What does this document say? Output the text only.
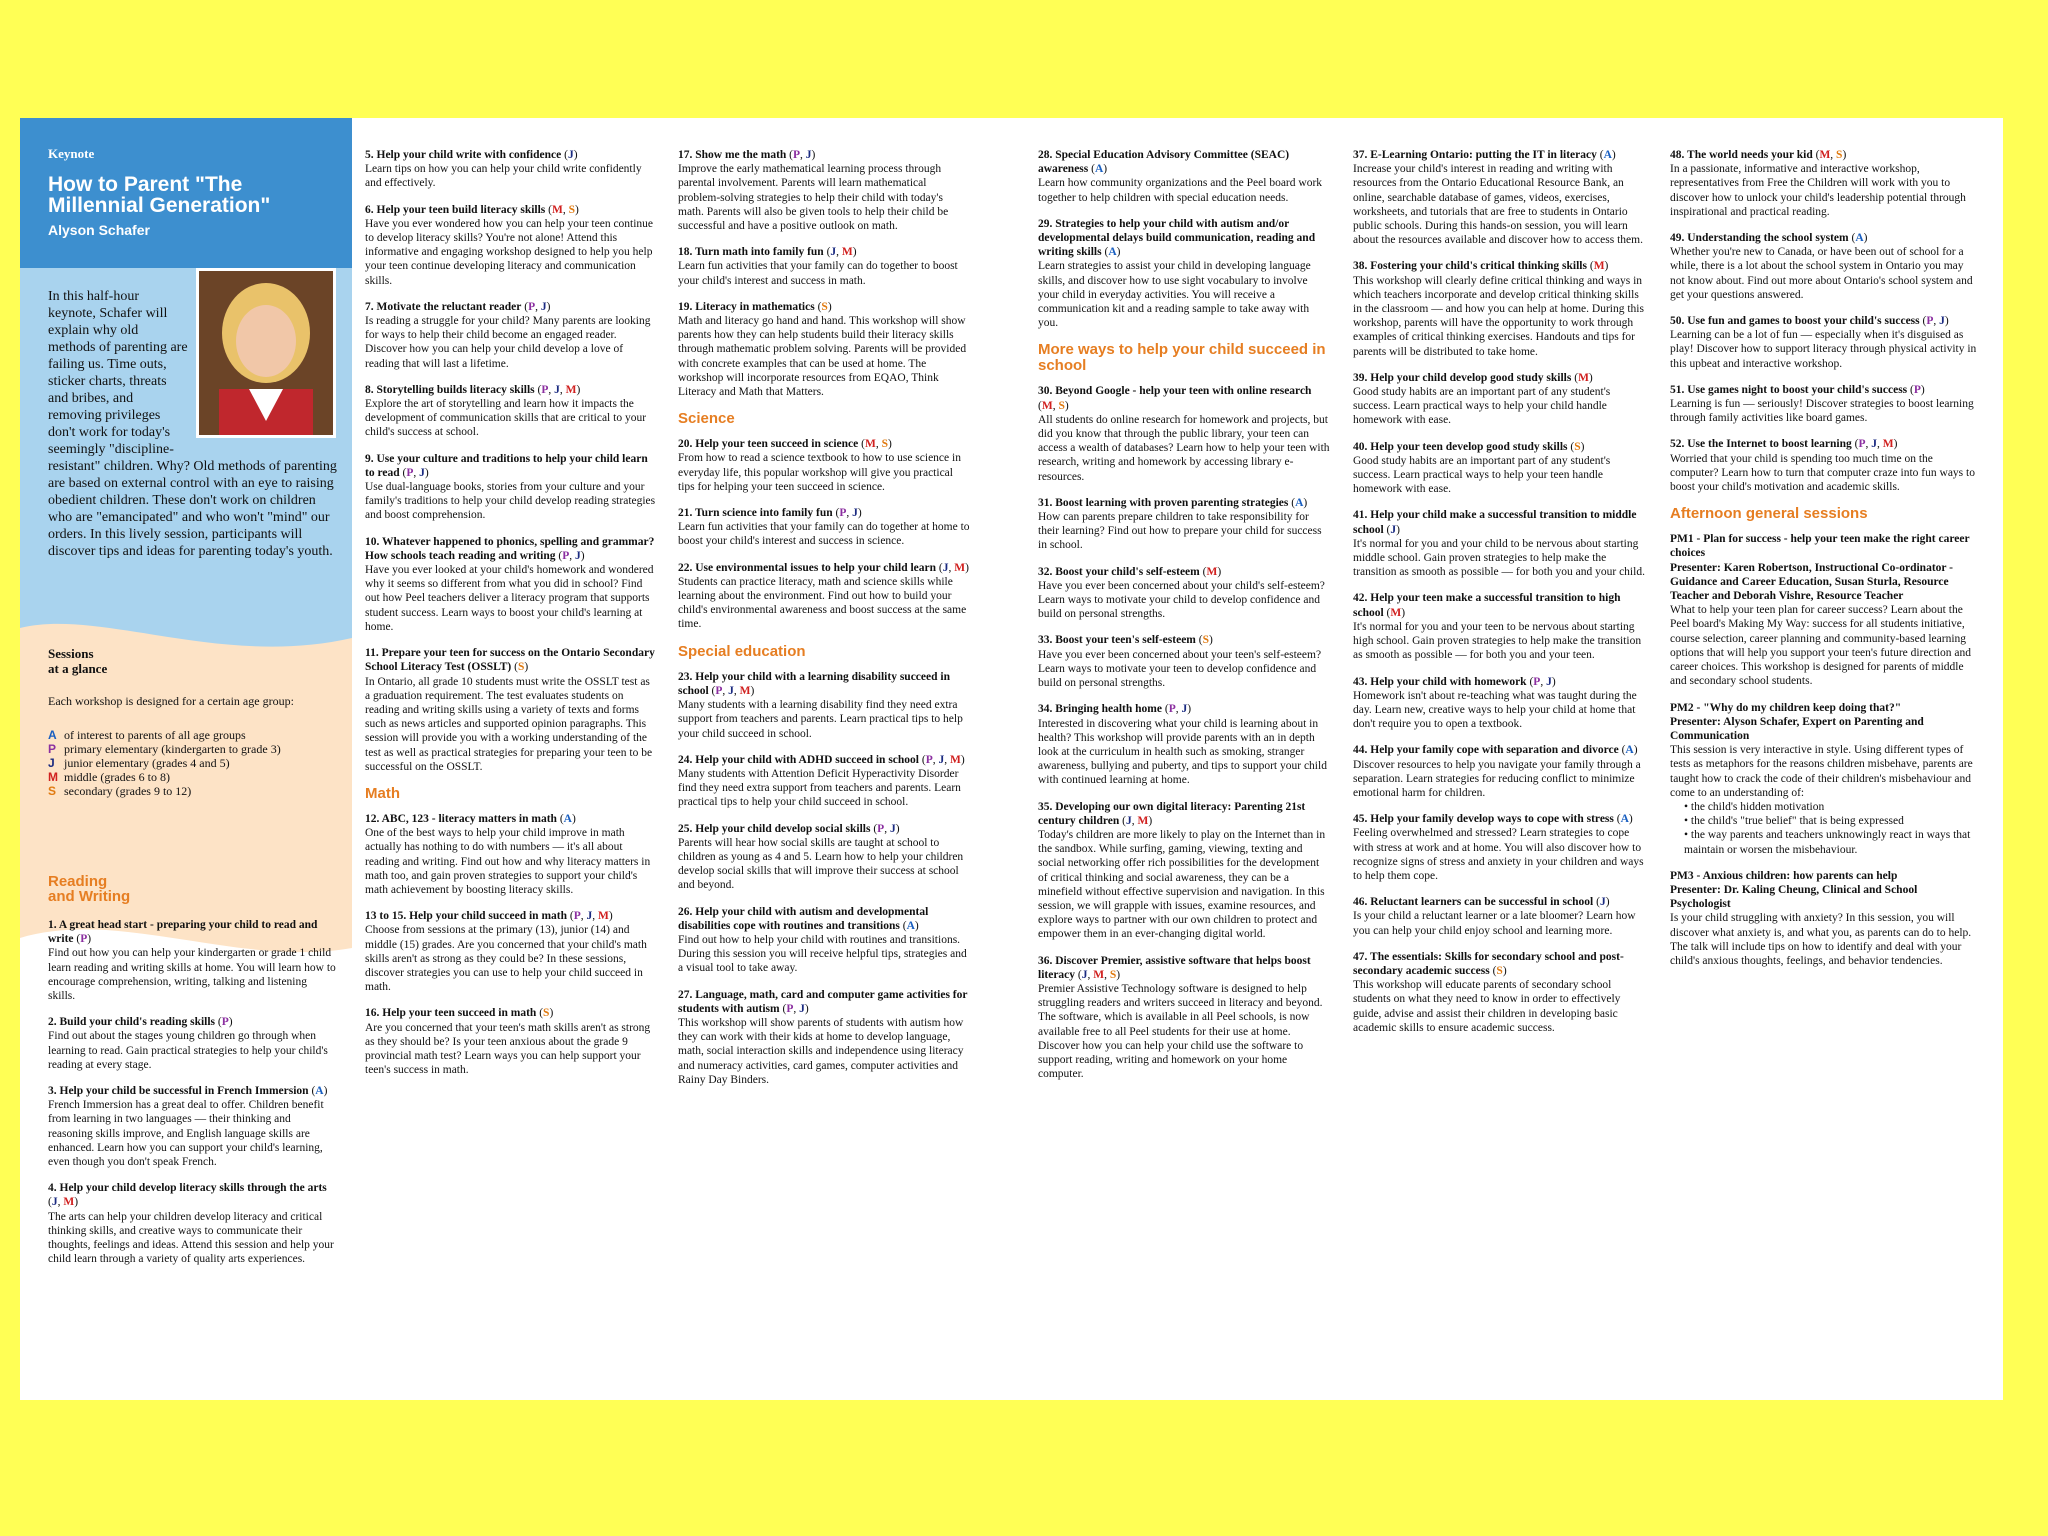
Keynote
How to Parent "The Millennial Generation"
Alyson Schafer
In this half-hour keynote, Schafer will explain why old methods of parenting are failing us. Time outs, sticker charts, threats and bribes, and removing privileges don't work for today's seemingly "discipline-resistant" children. Why? Old methods of parenting are based on external control with an eye to raising obedient children. These don't work on children who are "emancipated" and who won't "mind" our orders. In this lively session, participants will discover tips and ideas for parenting today's youth.
Sessions
at a glance
Each workshop is designed for a certain age group:
A of interest to parents of all age groups
P primary elementary (kindergarten to grade 3)
J junior elementary (grades 4 and 5)
M middle (grades 6 to 8)
S secondary (grades 9 to 12)
Reading
and Writing
1. A great head start - preparing your child to read and write (P)
Find out how you can help your kindergarten or grade 1 child learn reading and writing skills at home. You will learn how to encourage comprehension, writing, talking and listening skills.
2. Build your child's reading skills (P)
Find out about the stages young children go through when learning to read. Gain practical strategies to help your child's reading at every stage.
3. Help your child be successful in French Immersion (A)
French Immersion has a great deal to offer. Children benefit from learning in two languages — their thinking and reasoning skills improve, and English language skills are enhanced. Learn how you can support your child's learning, even though you don't speak French.
4. Help your child develop literacy skills through the arts (J, M)
The arts can help your children develop literacy and critical thinking skills, and creative ways to communicate their thoughts, feelings and ideas. Attend this session and help your child learn through a variety of quality arts experiences.
5. Help your child write with confidence (J)
Learn tips on how you can help your child write confidently and effectively.
6. Help your teen build literacy skills (M, S)
Have you ever wondered how you can help your teen continue to develop literacy skills? You're not alone! Attend this informative and engaging workshop designed to help you help your teen continue developing literacy and communication skills.
7. Motivate the reluctant reader (P, J)
Is reading a struggle for your child? Many parents are looking for ways to help their child become an engaged reader. Discover how you can help your child develop a love of reading that will last a lifetime.
8. Storytelling builds literacy skills (P, J, M)
Explore the art of storytelling and learn how it impacts the development of communication skills that are critical to your child's success at school.
9. Use your culture and traditions to help your child learn to read (P, J)
Use dual-language books, stories from your culture and your family's traditions to help your child develop reading strategies and boost comprehension.
10. Whatever happened to phonics, spelling and grammar? How schools teach reading and writing (P, J)
Have you ever looked at your child's homework and wondered why it seems so different from what you did in school? Find out how Peel teachers deliver a literacy program that supports student success. Learn ways to boost your child's learning at home.
11. Prepare your teen for success on the Ontario Secondary School Literacy Test (OSSLT) (S)
In Ontario, all grade 10 students must write the OSSLT test as a graduation requirement. The test evaluates students on reading and writing skills using a variety of texts and forms such as news articles and supported opinion paragraphs. This session will provide you with a working understanding of the test as well as practical strategies for preparing your teen to be successful on the OSSLT.
Math
12. ABC, 123 - literacy matters in math (A)
One of the best ways to help your child improve in math actually has nothing to do with numbers — it's all about reading and writing. Find out how and why literacy matters in math too, and gain proven strategies to support your child's math achievement by boosting literacy skills.
13 to 15. Help your child succeed in math (P, J, M)
Choose from sessions at the primary (13), junior (14) and middle (15) grades. Are you concerned that your child's math skills aren't as strong as they could be? In these sessions, discover strategies you can use to help your child succeed in math.
16. Help your teen succeed in math (S)
Are you concerned that your teen's math skills aren't as strong as they should be? Is your teen anxious about the grade 9 provincial math test? Learn ways you can help support your teen's success in math.
17. Show me the math (P, J)
Improve the early mathematical learning process through parental involvement. Parents will learn mathematical problem-solving strategies to help their child with today's math. Parents will also be given tools to help their child be successful and have a positive outlook on math.
18. Turn math into family fun (J, M)
Learn fun activities that your family can do together to boost your child's interest and success in math.
19. Literacy in mathematics (S)
Math and literacy go hand and hand. This workshop will show parents how they can help students build their literacy skills through mathematic problem solving. Parents will be provided with concrete examples that can be used at home. The workshop will incorporate resources from EQAO, Think Literacy and Math that Matters.
Science
20. Help your teen succeed in science (M, S)
From how to read a science textbook to how to use science in everyday life, this popular workshop will give you practical tips for helping your teen succeed in science.
21. Turn science into family fun (P, J)
Learn fun activities that your family can do together at home to boost your child's interest and success in science.
22. Use environmental issues to help your child learn (J, M)
Students can practice literacy, math and science skills while learning about the environment. Find out how to build your child's environmental awareness and boost success at the same time.
Special education
23. Help your child with a learning disability succeed in school (P, J, M)
Many students with a learning disability find they need extra support from teachers and parents. Learn practical tips to help your child succeed in school.
24. Help your child with ADHD succeed in school (P, J, M)
Many students with Attention Deficit Hyperactivity Disorder find they need extra support from teachers and parents. Learn practical tips to help your child succeed in school.
25. Help your child develop social skills (P, J)
Parents will hear how social skills are taught at school to children as young as 4 and 5. Learn how to help your children develop social skills that will improve their success at school and beyond.
26. Help your child with autism and developmental disabilities cope with routines and transitions (A)
Find out how to help your child with routines and transitions. During this session you will receive helpful tips, strategies and a visual tool to take away.
27. Language, math, card and computer game activities for students with autism (P, J)
This workshop will show parents of students with autism how they can work with their kids at home to develop language, math, social interaction skills and independence using literacy and numeracy activities, card games, computer activities and Rainy Day Binders.
28. Special Education Advisory Committee (SEAC) awareness (A)
Learn how community organizations and the Peel board work together to help children with special education needs.
29. Strategies to help your child with autism and/or developmental delays build communication, reading and writing skills (A)
Learn strategies to assist your child in developing language skills, and discover how to use sight vocabulary to involve your child in everyday activities. You will receive a communication kit and a reading sample to take away with you.
More ways to help your child succeed in school
30. Beyond Google - help your teen with online research (M, S)
All students do online research for homework and projects, but did you know that through the public library, your teen can access a wealth of databases? Learn how to help your teen with research, writing and homework by accessing library e-resources.
31. Boost learning with proven parenting strategies (A)
How can parents prepare children to take responsibility for their learning? Find out how to prepare your child for success in school.
32. Boost your child's self-esteem (M)
Have you ever been concerned about your child's self-esteem? Learn ways to motivate your child to develop confidence and build on personal strengths.
33. Boost your teen's self-esteem (S)
Have you ever been concerned about your teen's self-esteem? Learn ways to motivate your teen to develop confidence and build on personal strengths.
34. Bringing health home (P, J)
Interested in discovering what your child is learning about in health? This workshop will provide parents with an in depth look at the curriculum in health such as smoking, stranger awareness, bullying and puberty, and tips to support your child with continued learning at home.
35. Developing our own digital literacy: Parenting 21st century children (J, M)
Today's children are more likely to play on the Internet than in the sandbox. While surfing, gaming, viewing, texting and social networking offer rich possibilities for the development of critical thinking and social awareness, they can be a minefield without effective supervision and navigation. In this session, we will grapple with issues, examine resources, and explore ways to partner with our own children to protect and empower them in an ever-changing digital world.
36. Discover Premier, assistive software that helps boost literacy (J, M, S)
Premier Assistive Technology software is designed to help struggling readers and writers succeed in literacy and beyond. The software, which is available in all Peel schools, is now available free to all Peel students for their use at home. Discover how you can help your child use the software to support reading, writing and homework on your home computer.
37. E-Learning Ontario: putting the IT in literacy (A)
Increase your child's interest in reading and writing with resources from the Ontario Educational Resource Bank, an online, searchable database of games, videos, exercises, worksheets, and tutorials that are free to students in Ontario public schools. During this hands-on session, you will learn about the resources available and discover how to access them.
38. Fostering your child's critical thinking skills (M)
This workshop will clearly define critical thinking and ways in which teachers incorporate and develop critical thinking skills in the classroom — and how you can help at home. During this workshop, parents will have the opportunity to work through examples of critical thinking exercises. Handouts and tips for parents will be distributed to take home.
39. Help your child develop good study skills (M)
Good study habits are an important part of any student's success. Learn practical ways to help your child handle homework with ease.
40. Help your teen develop good study skills (S)
Good study habits are an important part of any student's success. Learn practical ways to help your teen handle homework with ease.
41. Help your child make a successful transition to middle school (J)
It's normal for you and your child to be nervous about starting middle school. Gain proven strategies to help make the transition as smooth as possible — for both you and your child.
42. Help your teen make a successful transition to high school (M)
It's normal for you and your teen to be nervous about starting high school. Gain proven strategies to help make the transition as smooth as possible — for both you and your teen.
43. Help your child with homework (P, J)
Homework isn't about re-teaching what was taught during the day. Learn new, creative ways to help your child at home that don't require you to open a textbook.
44. Help your family cope with separation and divorce (A)
Discover resources to help you navigate your family through a separation. Learn strategies for reducing conflict to minimize emotional harm for children.
45. Help your family develop ways to cope with stress (A)
Feeling overwhelmed and stressed? Learn strategies to cope with stress at work and at home. You will also discover how to recognize signs of stress and anxiety in your children and ways to help them cope.
46. Reluctant learners can be successful in school (J)
Is your child a reluctant learner or a late bloomer? Learn how you can help your child enjoy school and learning more.
47. The essentials: Skills for secondary school and post-secondary academic success (S)
This workshop will educate parents of secondary school students on what they need to know in order to effectively guide, advise and assist their children in developing basic academic skills to ensure academic success.
48. The world needs your kid (M, S)
In a passionate, informative and interactive workshop, representatives from Free the Children will work with you to discover how to unlock your child's leadership potential through inspirational and practical reading.
49. Understanding the school system (A)
Whether you're new to Canada, or have been out of school for a while, there is a lot about the school system in Ontario you may not know about. Find out more about Ontario's school system and get your questions answered.
50. Use fun and games to boost your child's success (P, J)
Learning can be a lot of fun — especially when it's disguised as play! Discover how to support literacy through physical activity in this upbeat and interactive workshop.
51. Use games night to boost your child's success (P)
Learning is fun — seriously! Discover strategies to boost learning through family activities like board games.
52. Use the Internet to boost learning (P, J, M)
Worried that your child is spending too much time on the computer? Learn how to turn that computer craze into fun ways to boost your child's motivation and academic skills.
Afternoon general sessions
PM1 - Plan for success - help your teen make the right career choices
Presenter: Karen Robertson, Instructional Co-ordinator - Guidance and Career Education, Susan Sturla, Resource Teacher and Deborah Vishre, Resource Teacher
What to help your teen plan for career success? Learn about the Peel board's Making My Way: success for all students initiative, course selection, career planning and community-based learning options that will help you support your teen's future direction and career choices. This workshop is designed for parents of middle and secondary school students.
PM2 - "Why do my children keep doing that?"
Presenter: Alyson Schafer, Expert on Parenting and Communication
This session is very interactive in style. Using different types of tests as metaphors for the reasons children misbehave, parents are taught how to crack the code of their children's misbehaviour and come to an understanding of:
• the child's hidden motivation
• the child's "true belief" that is being expressed
• the way parents and teachers unknowingly react in ways that maintain or worsen the misbehaviour.
PM3 - Anxious children: how parents can help
Presenter: Dr. Kaling Cheung, Clinical and School Psychologist
Is your child struggling with anxiety? In this session, you will discover what anxiety is, and what you, as parents can do to help. The talk will include tips on how to identify and deal with your child's anxious thoughts, feelings, and behavior tendencies.
